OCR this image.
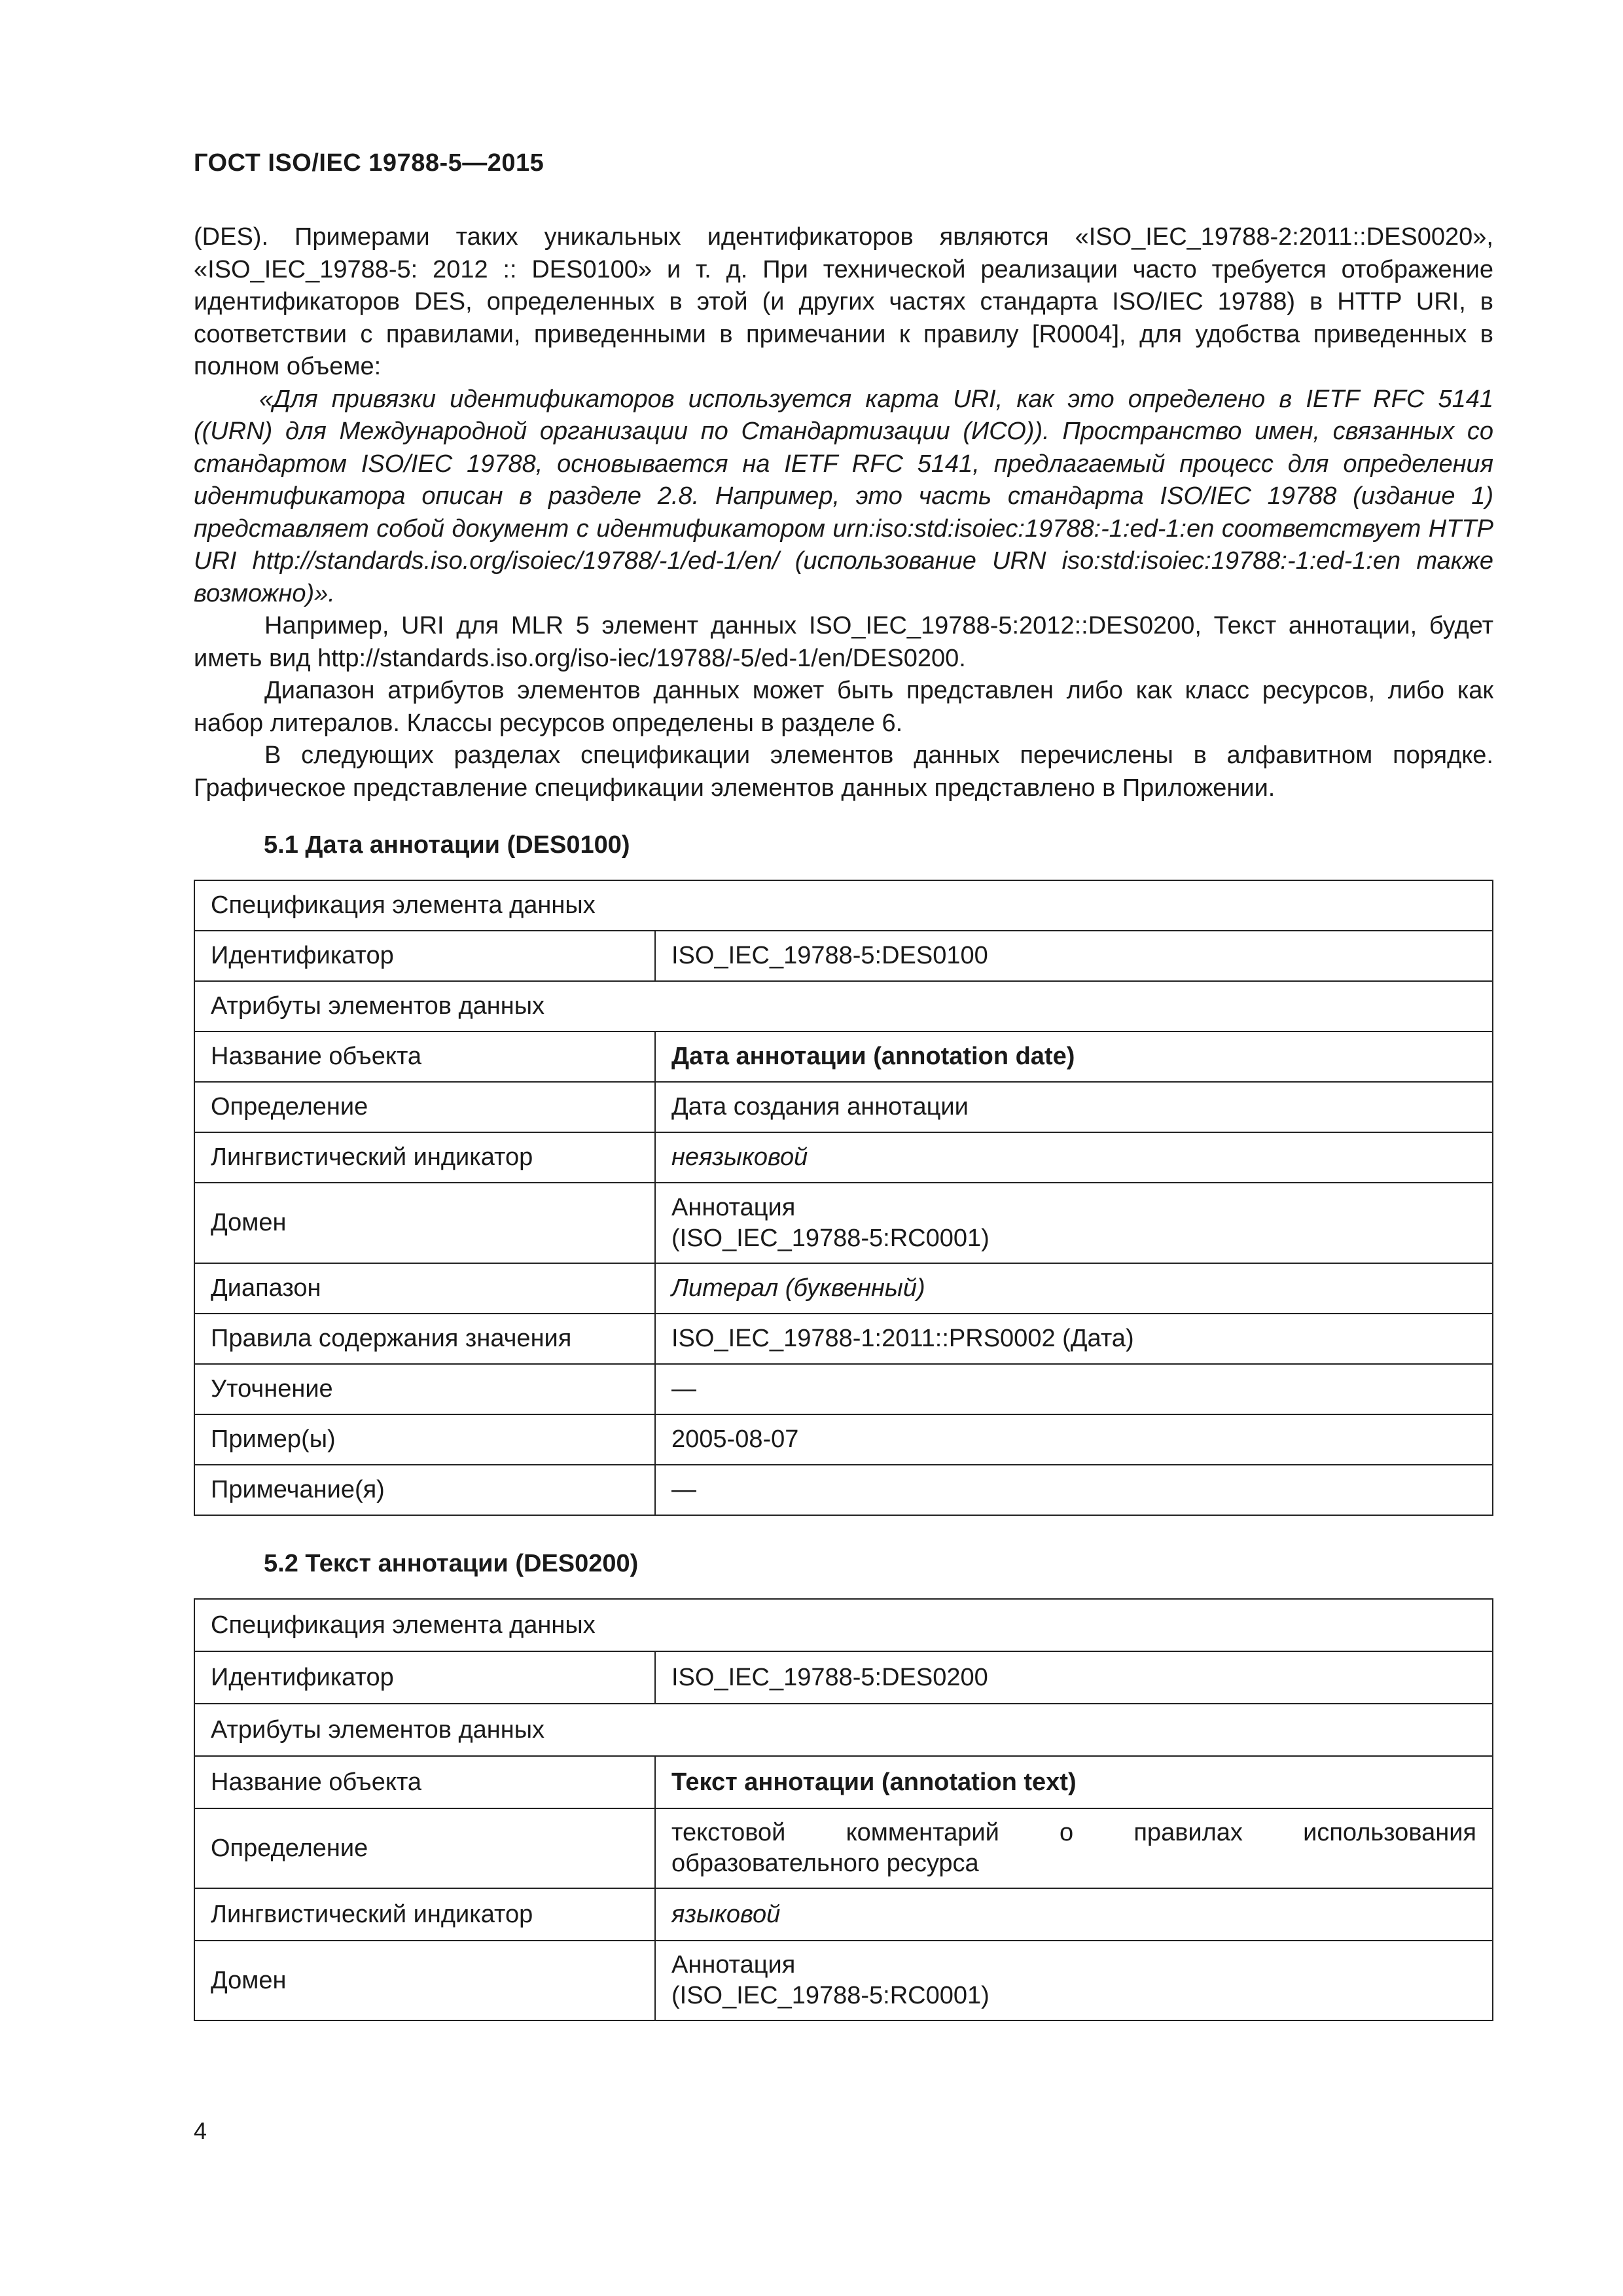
ГОСТ ISO/IEC 19788-5—2015

(DES). Примерами таких уникальных идентификаторов являются «ISO_IEC_19788-2:2011::DES0020», «ISO_IEC_19788-5: 2012 :: DES0100» и т. д. При технической реализации часто требуется отображение идентификаторов DES, определенных в этой (и других частях стандарта ISO/IEC 19788) в HTTP URI, в соответствии с правилами, приведенными в примечании к правилу [R0004], для удобства приведенных в полном объеме:

«Для привязки идентификаторов используется карта URI, как это определено в IETF RFC 5141 ((URN) для Международной организации по Стандартизации (ИСО)). Пространство имен, связанных со стандартом ISO/IEC 19788, основывается на IETF RFC 5141, предлагаемый процесс для определения идентификатора описан в разделе 2.8. Например, это часть стандарта ISO/IEC 19788 (издание 1) представляет собой документ с идентификатором urn:iso:std:isoiec:19788:-1:ed-1:en соответствует HTTP URI http://standards.iso.org/isoiec/19788/-1/ed-1/en/ (использование URN iso:std:isoiec:19788:-1:ed-1:en также возможно)».

Например, URI для MLR 5 элемент данных ISO_IEC_19788-5:2012::DES0200, Текст аннотации, будет иметь вид http://standards.iso.org/iso-iec/19788/-5/ed-1/en/DES0200.

Диапазон атрибутов элементов данных может быть представлен либо как класс ресурсов, либо как набор литералов. Классы ресурсов определены в разделе 6.

В следующих разделах спецификации элементов данных перечислены в алфавитном порядке. Графическое представление спецификации элементов данных представлено в Приложении.

5.1 Дата аннотации (DES0100)
Спецификация элемента данных	
Идентификатор	ISO_IEC_19788-5:DES0100
Атрибуты элементов данных	
Название объекта	Дата аннотации (annotation date)
Определение	Дата создания аннотации
Лингвистический индикатор	неязыковой
Домен	Аннотация
(ISO_IEC_19788-5:RC0001)

Диапазон	Литерал (буквенный)
Правила содержания значения	ISO_IEC_19788-1:2011::PRS0002 (Дата)
Уточнение	—
Пример(ы)	2005-08-07
Примечание(я)	—
5.2 Текст аннотации (DES0200)
Спецификация элемента данных	
Идентификатор	ISO_IEC_19788-5:DES0200
Атрибуты элементов данных	
Название объекта	Текст аннотации (annotation text)
Определение	текстовой комментарий о правилах использования образовательного ресурса
Лингвистический индикатор	языковой
Домен	Аннотация
(ISO_IEC_19788-5:RC0001)
4
